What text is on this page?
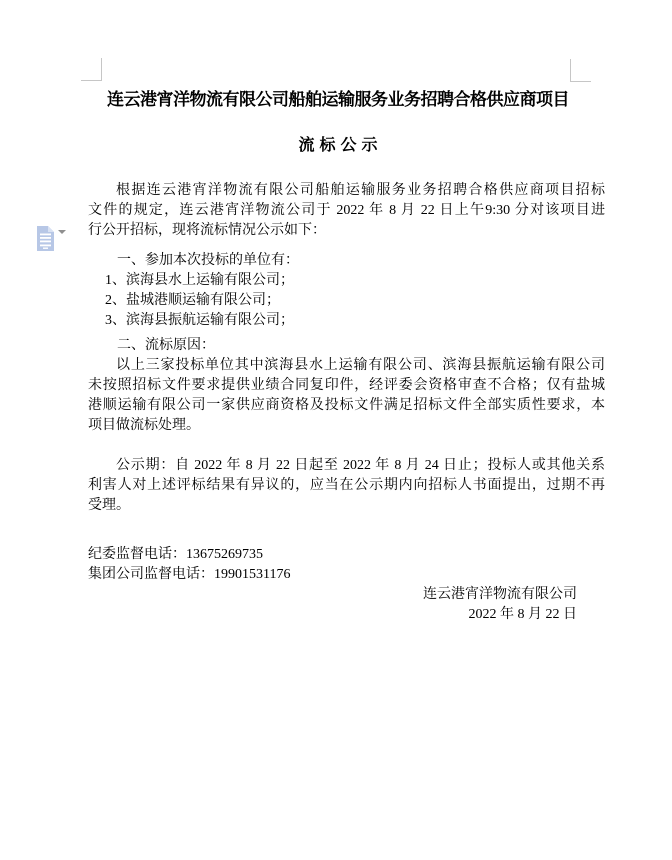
连云港宵洋物流有限公司船舶运输服务业务招聘合格供应商项目
流标公示
根据连云港宵洋物流有限公司船舶运输服务业务招聘合格供应商项目招标
文件的规定，连云港宵洋物流公司于 2022 年 8 月 22 日上午9:30 分对该项目进
行公开招标，现将流标情况公示如下：
一、参加本次投标的单位有：
1、滨海县水上运输有限公司；
2、盐城港顺运输有限公司；
3、滨海县振航运输有限公司；
二、流标原因：
以上三家投标单位其中滨海县水上运输有限公司、滨海县振航运输有限公司
未按照招标文件要求提供业绩合同复印件，经评委会资格审查不合格；仅有盐城
港顺运输有限公司一家供应商资格及投标文件满足招标文件全部实质性要求，本
项目做流标处理。
公示期：自 2022 年 8 月 22 日起至 2022 年 8 月 24 日止；投标人或其他关系
利害人对上述评标结果有异议的，应当在公示期内向招标人书面提出，过期不再
受理。
纪委监督电话：13675269735
集团公司监督电话：19901531176
连云港宵洋物流有限公司
2022 年 8 月 22 日
